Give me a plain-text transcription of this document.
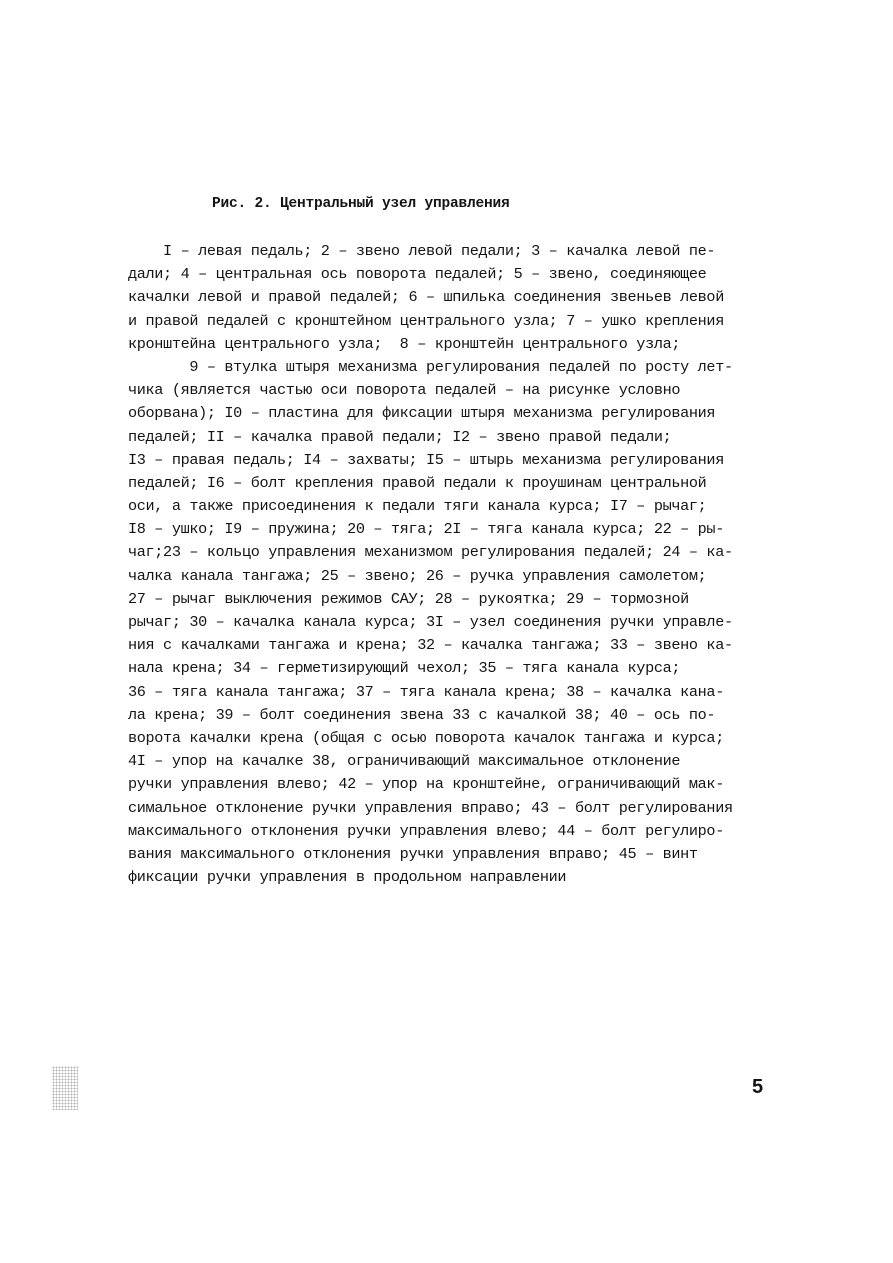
Рис. 2. Центральный узел управления
I – левая педаль; 2 – звено левой педали; 3 – качалка левой пе-
дали; 4 – центральная ось поворота педалей; 5 – звено, соединяющее
качалки левой и правой педалей; 6 – шпилька соединения звеньев левой
и правой педалей с кронштейном центрального узла; 7 – ушко крепления
кронштейна центрального узла;  8 – кронштейн центрального узла;
9 – втулка штыря механизма регулирования педалей по росту лет-
чика (является частью оси поворота педалей – на рисунке условно
оборвана); I0 – пластина для фиксации штыря механизма регулирования
педалей; II – качалка правой педали; I2 – звено правой педали;
I3 – правая педаль; I4 – захваты; I5 – штырь механизма регулирования
педалей; I6 – болт крепления правой педали к проушинам центральной
оси, а также присоединения к педали тяги канала курса; I7 – рычаг;
I8 – ушко; I9 – пружина; 20 – тяга; 2I – тяга канала курса; 22 – ры-
чаг;23 – кольцо управления механизмом регулирования педалей; 24 – ка-
чалка канала тангажа; 25 – звено; 26 – ручка управления самолетом;
27 – рычаг выключения режимов САУ; 28 – рукоятка; 29 – тормозной
рычаг; 30 – качалка канала курса; 3I – узел соединения ручки управле-
ния с качалками тангажа и крена; 32 – качалка тангажа; 33 – звено ка-
нала крена; 34 – герметизирующий чехол; 35 – тяга канала курса;
36 – тяга канала тангажа; 37 – тяга канала крена; 38 – качалка кана-
ла крена; 39 – болт соединения звена 33 с качалкой 38; 40 – ось по-
ворота качалки крена (общая с осью поворота качалок тангажа и курса;
4I – упор на качалке 38, ограничивающий максимальное отклонение
ручки управления влево; 42 – упор на кронштейне, ограничивающий мак-
симальное отклонение ручки управления вправо; 43 – болт регулирования
максимального отклонения ручки управления влево; 44 – болт регулиро-
вания максимального отклонения ручки управления вправо; 45 – винт
фиксации ручки управления в продольном направлении
5
